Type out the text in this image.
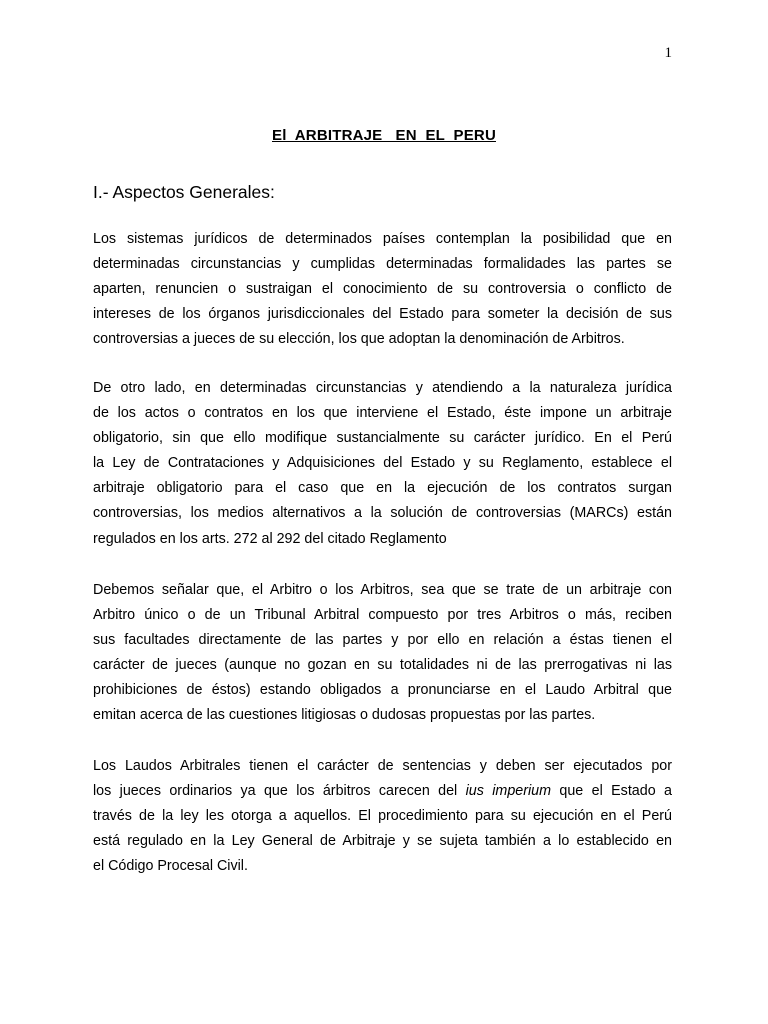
1
El  ARBITRAJE   EN  EL  PERU
I.- Aspectos Generales:

Los sistemas jurídicos de determinados países contemplan la posibilidad que en
determinadas circunstancias y cumplidas determinadas formalidades las partes se
aparten, renuncien o sustraigan el conocimiento de su controversia o conflicto de
intereses de los órganos jurisdiccionales del Estado para someter la decisión de sus
controversias a jueces de su elección, los que adoptan la denominación de Arbitros.

De otro lado, en determinadas circunstancias y atendiendo a la naturaleza jurídica
de los actos o contratos en los que interviene el Estado, éste impone un arbitraje
obligatorio, sin que ello modifique sustancialmente su carácter jurídico. En el Perú
la Ley de Contrataciones y Adquisiciones del Estado y su Reglamento, establece el
arbitraje obligatorio para el caso que en la ejecución de los contratos surgan
controversias, los medios alternativos a la solución de controversias (MARCs) están
regulados en los arts. 272 al 292 del citado Reglamento

Debemos señalar que, el Arbitro o los Arbitros, sea que se trate de un arbitraje con
Arbitro único o de un Tribunal Arbitral compuesto por tres Arbitros o más, reciben
sus facultades directamente de las partes y por ello en relación a éstas tienen el
carácter de jueces (aunque no gozan en su totalidades ni de las prerrogativas ni las
prohibiciones de éstos) estando obligados a pronunciarse en el Laudo Arbitral que
emitan acerca de las cuestiones litigiosas o dudosas propuestas por las partes.

Los Laudos Arbitrales tienen el carácter de sentencias y deben ser ejecutados por
los jueces ordinarios ya que los árbitros carecen del ius imperium que el Estado a
través de la ley les otorga a aquellos. El procedimiento para su ejecución en el Perú
está regulado en la Ley General de Arbitraje y se sujeta también a lo establecido en
el Código Procesal Civil.
